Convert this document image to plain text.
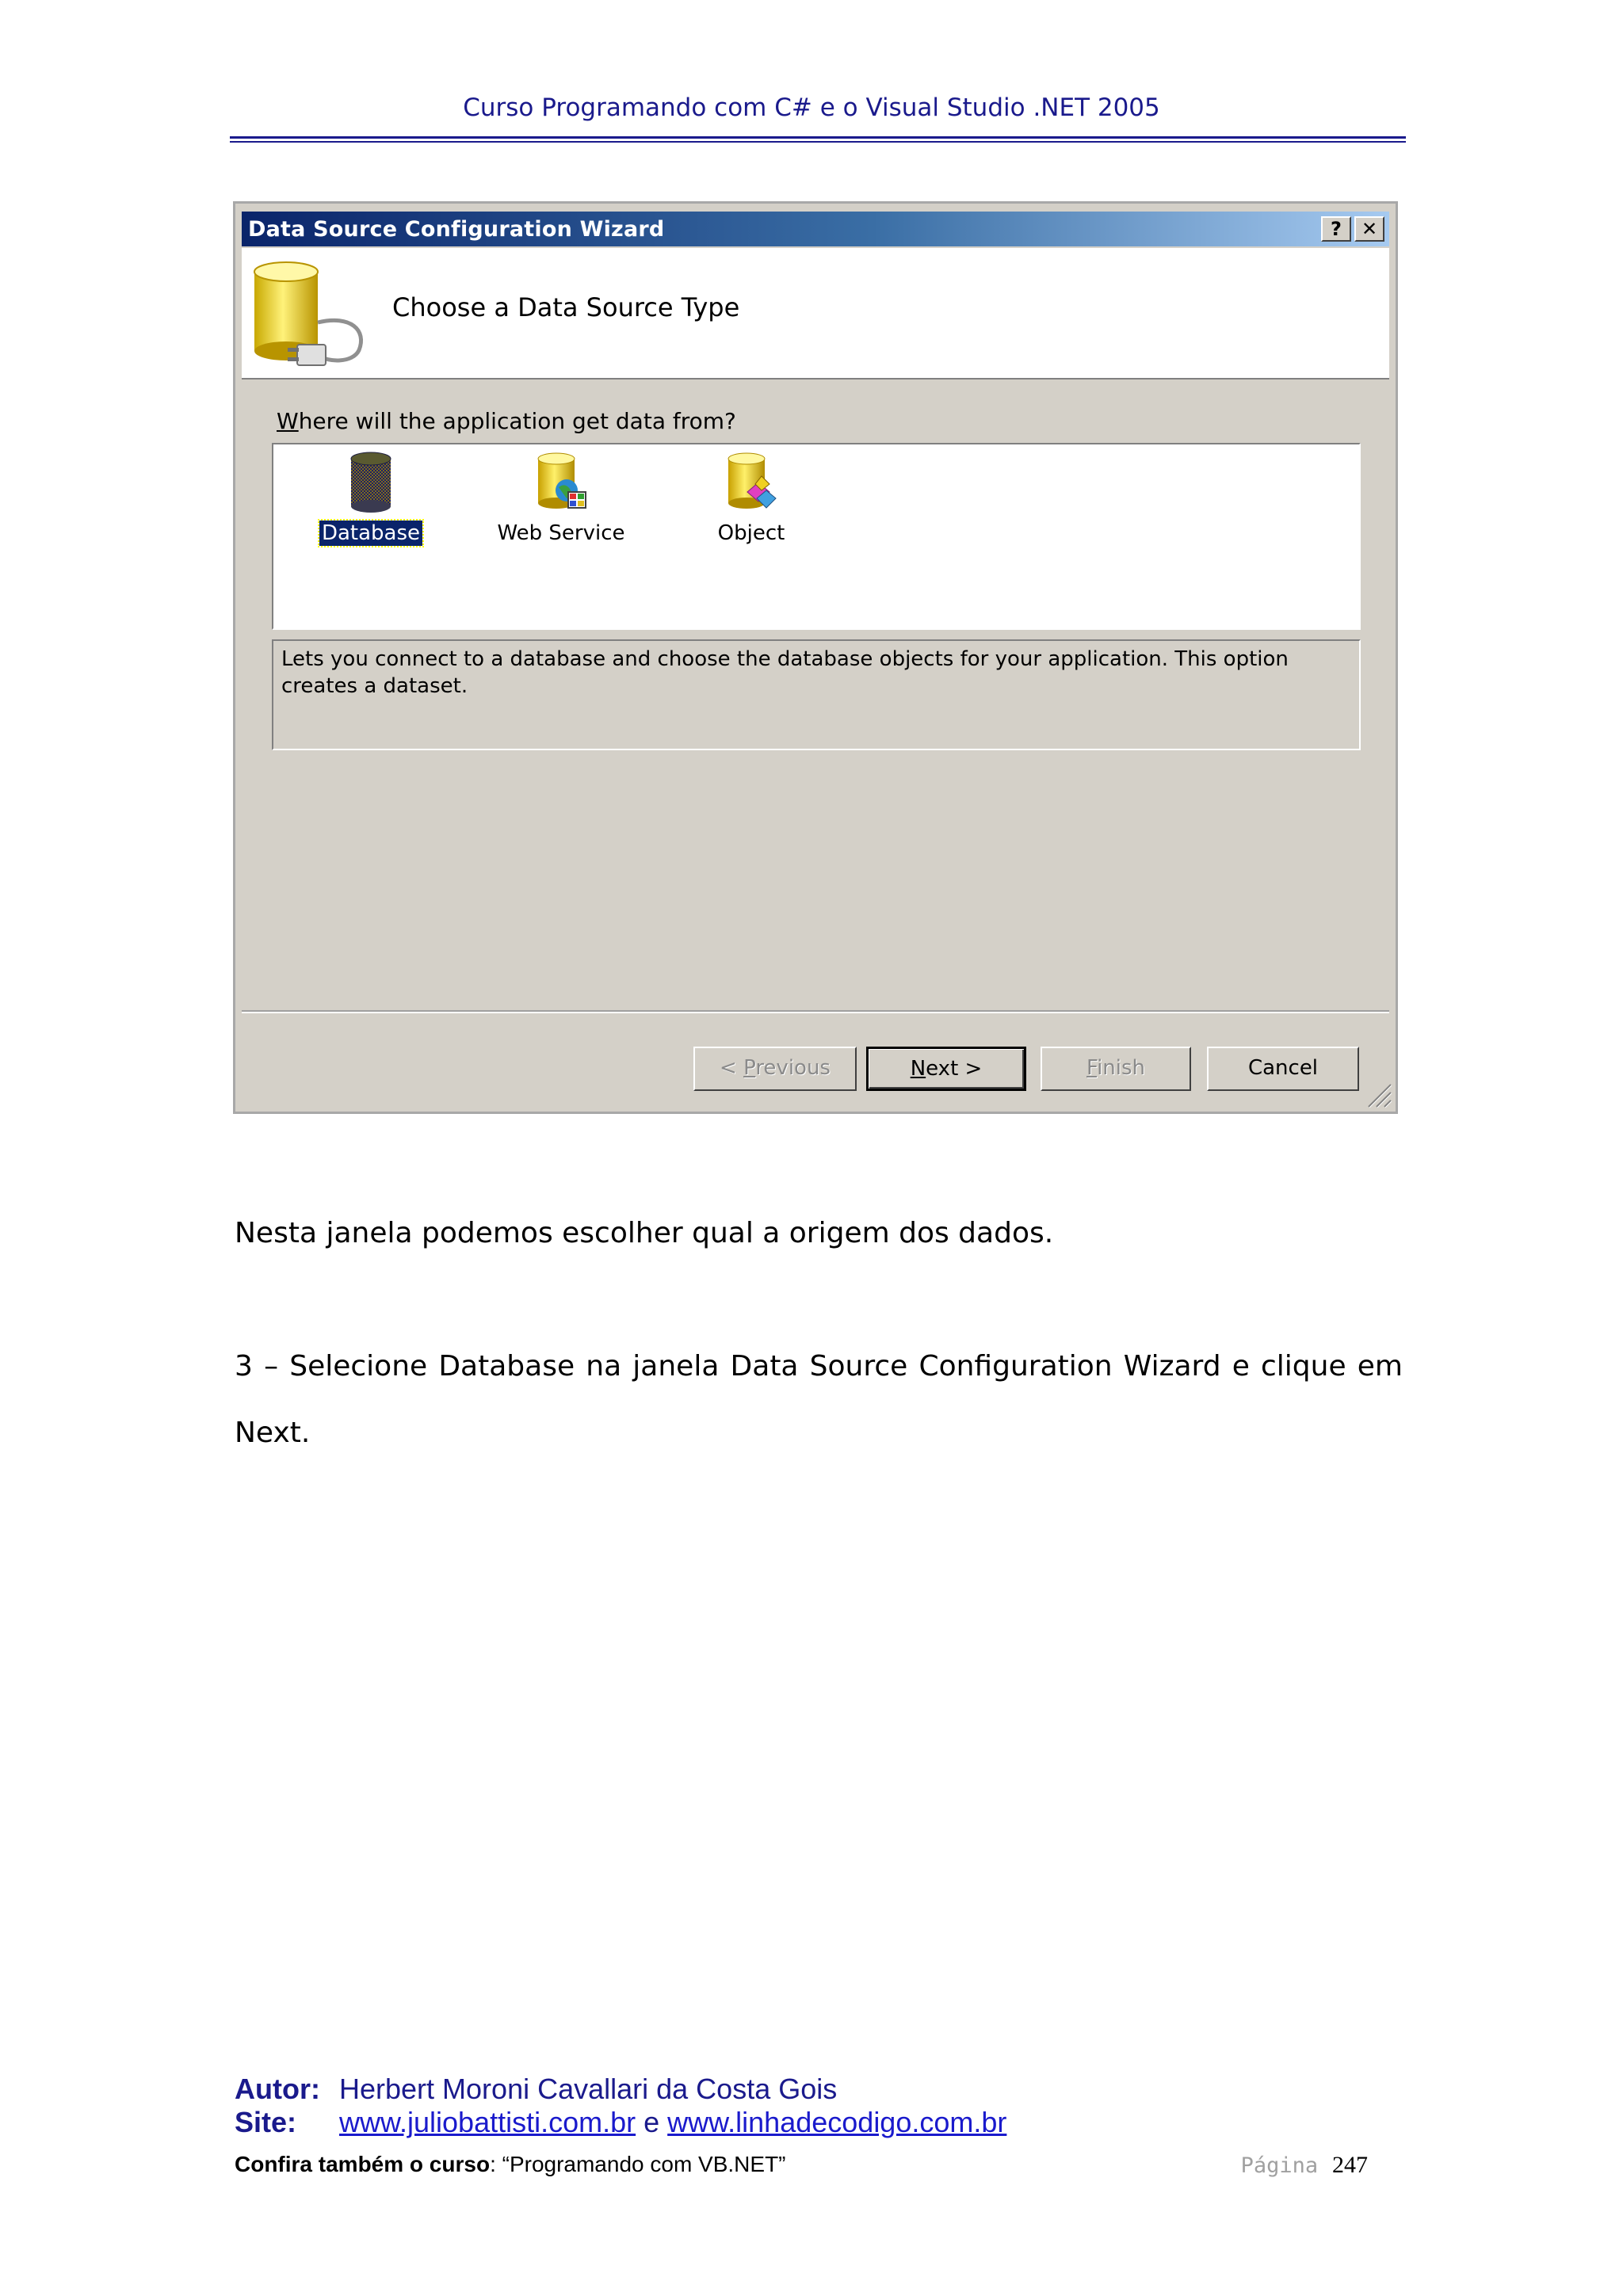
Curso Programando com C# e o Visual Studio .NET 2005
Data Source Configuration Wizard	?	✕
Choose a Data Source Type
Where will the application get data from?
Database	Web Service	Object
Lets you connect to a database and choose the database objects for your application. This option creates a dataset.
< Previous	Next >	Finish	Cancel
Nesta janela podemos escolher qual a origem dos dados.
3 – Selecione Database na janela Data Source Configuration Wizard e clique em
Next.
Autor: Herbert Moroni Cavallari da Costa Gois
Site: www.juliobattisti.com.br e www.linhadecodigo.com.br
Confira também o curso: “Programando com VB.NET”	Página 247
